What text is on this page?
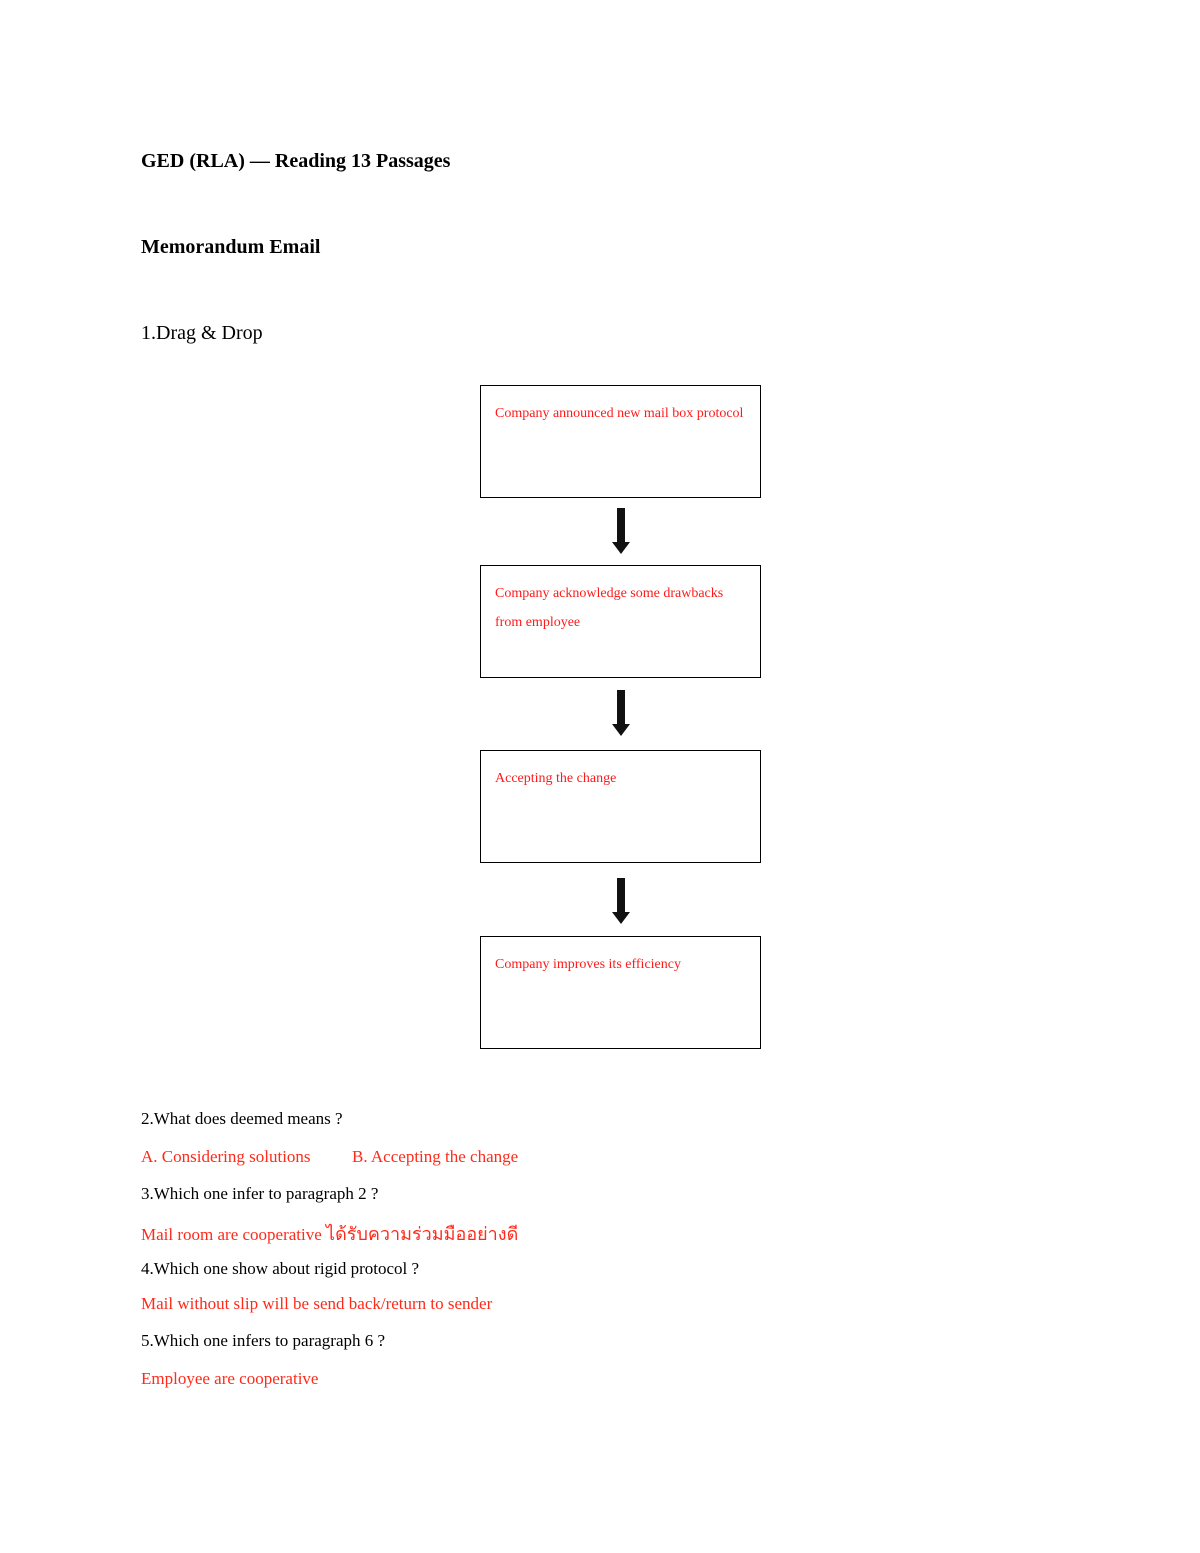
GED (RLA) — Reading 13 Passages
Memorandum Email
1.Drag & Drop
Company announced new mail box protocol
Company acknowledge some drawbacks
from employee
Accepting the change
Company improves its efficiency
2.What does deemed means ?
A. Considering solutions B. Accepting the change
3.Which one infer to paragraph 2 ?
Mail room are cooperative ได้รับความร่วมมืออย่างดี
4.Which one show about rigid protocol ?
Mail without slip will be send back/return to sender
5.Which one infers to paragraph 6 ?
Employee are cooperative
